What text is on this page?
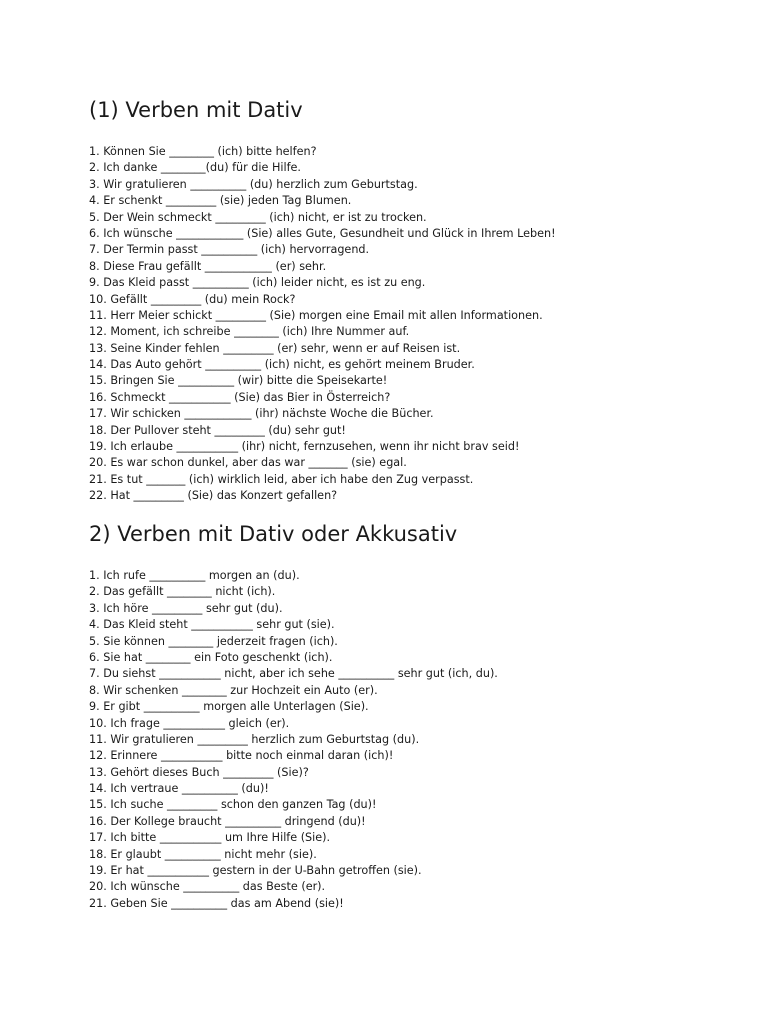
(1) Verben mit Dativ
1. Können Sie ________ (ich) bitte helfen?
2. Ich danke ________(du) für die Hilfe.
3. Wir gratulieren __________ (du) herzlich zum Geburtstag.
4. Er schenkt _________ (sie) jeden Tag Blumen.
5. Der Wein schmeckt _________ (ich) nicht, er ist zu trocken.
6. Ich wünsche ____________ (Sie) alles Gute, Gesundheit und Glück in Ihrem Leben!
7. Der Termin passt __________ (ich) hervorragend.
8. Diese Frau gefällt ____________ (er) sehr.
9. Das Kleid passt __________ (ich) leider nicht, es ist zu eng.
10. Gefällt _________ (du) mein Rock?
11. Herr Meier schickt _________ (Sie) morgen eine Email mit allen Informationen.
12. Moment, ich schreibe ________ (ich) Ihre Nummer auf.
13. Seine Kinder fehlen _________ (er) sehr, wenn er auf Reisen ist.
14. Das Auto gehört __________ (ich) nicht, es gehört meinem Bruder.
15. Bringen Sie __________ (wir) bitte die Speisekarte!
16. Schmeckt ___________ (Sie) das Bier in Österreich?
17. Wir schicken ____________ (ihr) nächste Woche die Bücher.
18. Der Pullover steht _________ (du) sehr gut!
19. Ich erlaube ___________ (ihr) nicht, fernzusehen, wenn ihr nicht brav seid!
20. Es war schon dunkel, aber das war _______ (sie) egal.
21. Es tut _______ (ich) wirklich leid, aber ich habe den Zug verpasst.
22. Hat _________ (Sie) das Konzert gefallen?
2) Verben mit Dativ oder Akkusativ
1. Ich rufe __________ morgen an (du).
2. Das gefällt ________ nicht (ich).
3. Ich höre _________ sehr gut (du).
4. Das Kleid steht ___________ sehr gut (sie).
5. Sie können ________ jederzeit fragen (ich).
6. Sie hat ________ ein Foto geschenkt (ich).
7. Du siehst ___________ nicht, aber ich sehe __________ sehr gut (ich, du).
8. Wir schenken ________ zur Hochzeit ein Auto (er).
9. Er gibt __________ morgen alle Unterlagen (Sie).
10. Ich frage ___________ gleich (er).
11. Wir gratulieren _________ herzlich zum Geburtstag (du).
12. Erinnere ___________ bitte noch einmal daran (ich)!
13. Gehört dieses Buch _________ (Sie)?
14. Ich vertraue __________ (du)!
15. Ich suche _________ schon den ganzen Tag (du)!
16. Der Kollege braucht __________ dringend (du)!
17. Ich bitte ___________ um Ihre Hilfe (Sie).
18. Er glaubt __________ nicht mehr (sie).
19. Er hat ___________ gestern in der U-Bahn getroffen (sie).
20. Ich wünsche __________ das Beste (er).
21. Geben Sie __________ das am Abend (sie)!
